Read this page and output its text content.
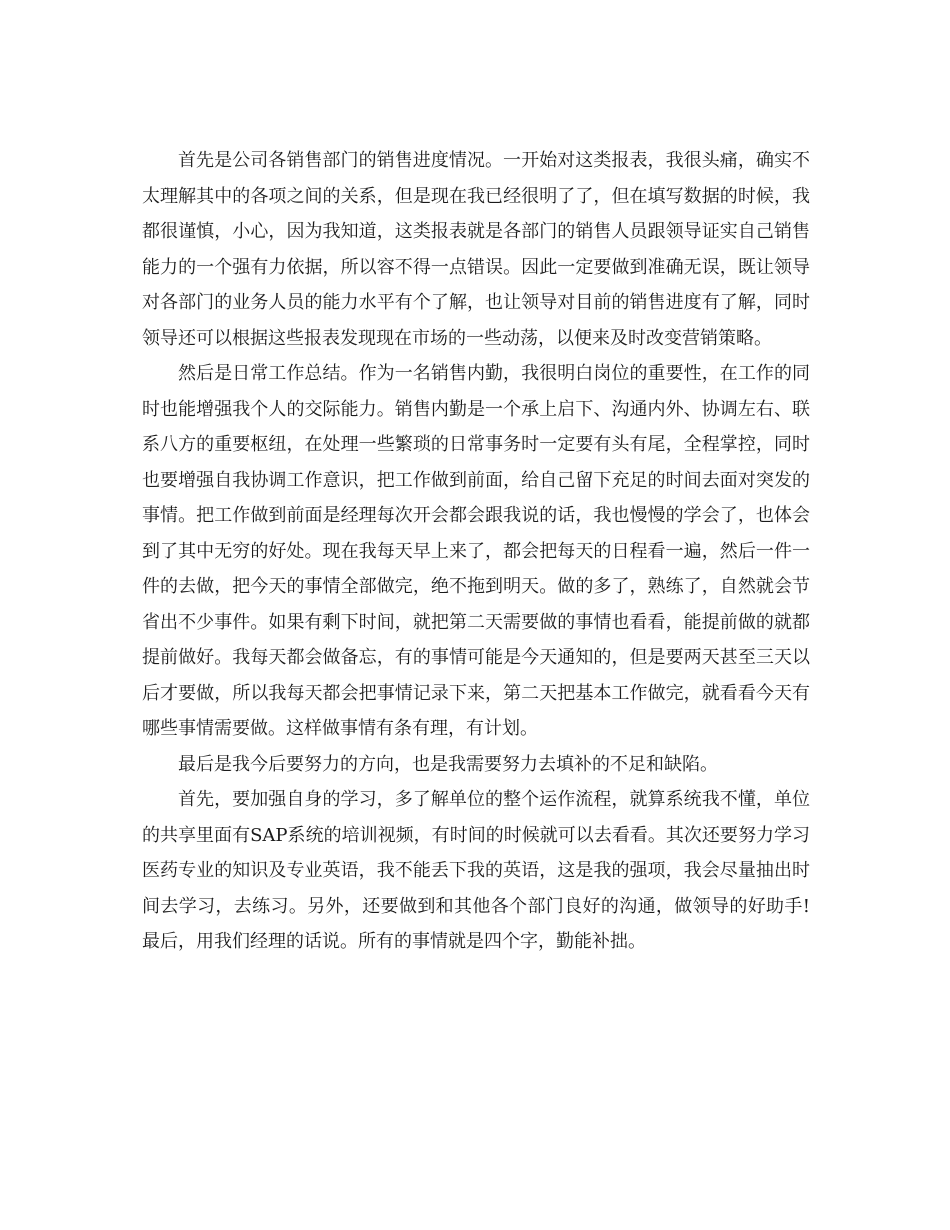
首先是公司各销售部门的销售进度情况。一开始对这类报表，我很头痛，确实不太理解其中的各项之间的关系，但是现在我已经很明了了，但在填写数据的时候，我都很谨慎，小心，因为我知道，这类报表就是各部门的销售人员跟领导证实自己销售能力的一个强有力依据，所以容不得一点错误。因此一定要做到准确无误，既让领导对各部门的业务人员的能力水平有个了解，也让领导对目前的销售进度有了解，同时领导还可以根据这些报表发现现在市场的一些动荡，以便来及时改变营销策略。

然后是日常工作总结。作为一名销售内勤，我很明白岗位的重要性，在工作的同时也能增强我个人的交际能力。销售内勤是一个承上启下、沟通内外、协调左右、联系八方的重要枢纽，在处理一些繁琐的日常事务时一定要有头有尾，全程掌控，同时也要增强自我协调工作意识，把工作做到前面，给自己留下充足的时间去面对突发的事情。把工作做到前面是经理每次开会都会跟我说的话，我也慢慢的学会了，也体会到了其中无穷的好处。现在我每天早上来了，都会把每天的日程看一遍，然后一件一件的去做，把今天的事情全部做完，绝不拖到明天。做的多了，熟练了，自然就会节省出不少事件。如果有剩下时间，就把第二天需要做的事情也看看，能提前做的就都提前做好。我每天都会做备忘，有的事情可能是今天通知的，但是要两天甚至三天以后才要做，所以我每天都会把事情记录下来，第二天把基本工作做完，就看看今天有哪些事情需要做。这样做事情有条有理，有计划。

最后是我今后要努力的方向，也是我需要努力去填补的不足和缺陷。

首先，要加强自身的学习，多了解单位的整个运作流程，就算系统我不懂，单位的共享里面有SAP系统的培训视频，有时间的时候就可以去看看。其次还要努力学习医药专业的知识及专业英语，我不能丢下我的英语，这是我的强项，我会尽量抽出时间去学习，去练习。另外，还要做到和其他各个部门良好的沟通，做领导的好助手!最后，用我们经理的话说。所有的事情就是四个字，勤能补拙。
